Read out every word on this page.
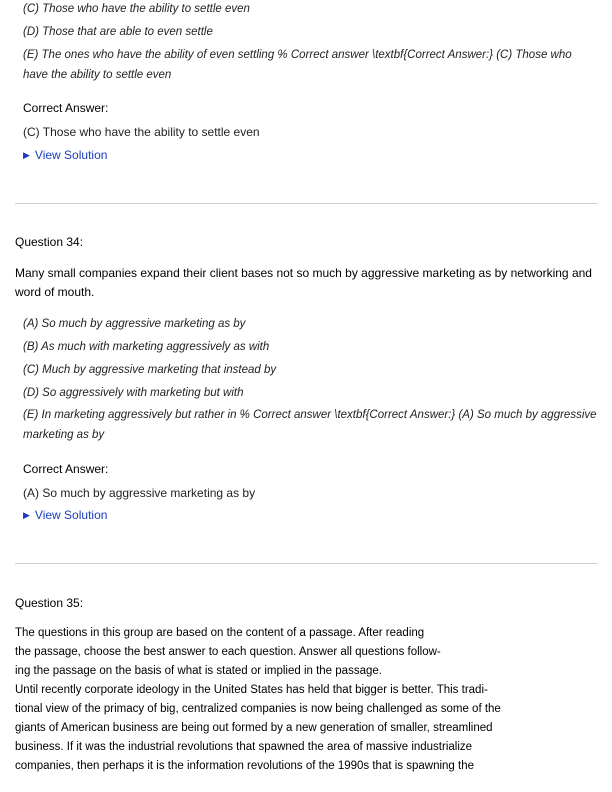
(C) Those who have the ability to settle even
(D) Those that are able to even settle
(E) The ones who have the ability of even settling % Correct answer \textbf{Correct Answer:} (C) Those who have the ability to settle even
Correct Answer:
(C) Those who have the ability to settle even
▶ View Solution
Question 34:
Many small companies expand their client bases not so much by aggressive marketing as by networking and word of mouth.
(A) So much by aggressive marketing as by
(B) As much with marketing aggressively as with
(C) Much by aggressive marketing that instead by
(D) So aggressively with marketing but with
(E) In marketing aggressively but rather in % Correct answer \textbf{Correct Answer:} (A) So much by aggressive marketing as by
Correct Answer:
(A) So much by aggressive marketing as by
▶ View Solution
Question 35:
The questions in this group are based on the content of a passage. After reading
the passage, choose the best answer to each question. Answer all questions follow-
ing the passage on the basis of what is stated or implied in the passage.
Until recently corporate ideology in the United States has held that bigger is better. This tradi-
tional view of the primacy of big, centralized companies is now being challenged as some of the
giants of American business are being out formed by a new generation of smaller, streamlined
business. If it was the industrial revolutions that spawned the area of massive industrialize
companies, then perhaps it is the information revolutions of the 1990s that is spawning the
